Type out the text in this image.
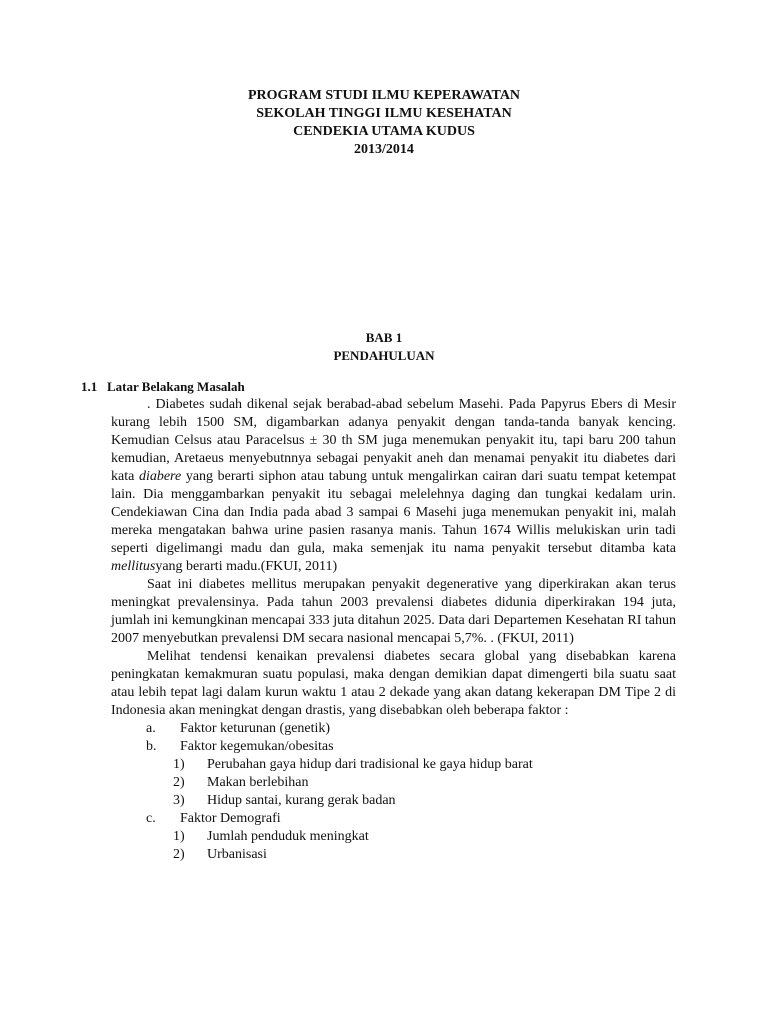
PROGRAM STUDI ILMU KEPERAWATAN
SEKOLAH TINGGI ILMU KESEHATAN
CENDEKIA UTAMA KUDUS
2013/2014
BAB 1
PENDAHULUAN
1.1 Latar Belakang Masalah

. Diabetes sudah dikenal sejak berabad-abad sebelum Masehi. Pada Papyrus Ebers di Mesir kurang lebih 1500 SM, digambarkan adanya penyakit dengan tanda-tanda banyak kencing. Kemudian Celsus atau Paracelsus ± 30 th SM juga menemukan penyakit itu, tapi baru 200 tahun kemudian, Aretaeus menyebutnnya sebagai penyakit aneh dan menamai penyakit itu diabetes dari kata diabere yang berarti siphon atau tabung untuk mengalirkan cairan dari suatu tempat ketempat lain. Dia menggambarkan penyakit itu sebagai melelehnya daging dan tungkai kedalam urin. Cendekiawan Cina dan India pada abad 3 sampai 6 Masehi juga menemukan penyakit ini, malah mereka mengatakan bahwa urine pasien rasanya manis. Tahun 1674 Willis melukiskan urin tadi seperti digelimangi madu dan gula, maka semenjak itu nama penyakit tersebut ditamba kata mellitusyang berarti madu.(FKUI, 2011)

Saat ini diabetes mellitus merupakan penyakit degenerative yang diperkirakan akan terus meningkat prevalensinya. Pada tahun 2003 prevalensi diabetes didunia diperkirakan 194 juta, jumlah ini kemungkinan mencapai 333 juta ditahun 2025. Data dari Departemen Kesehatan RI tahun 2007 menyebutkan prevalensi DM secara nasional mencapai 5,7%. . (FKUI, 2011)

Melihat tendensi kenaikan prevalensi diabetes secara global yang disebabkan karena peningkatan kemakmuran suatu populasi, maka dengan demikian dapat dimengerti bila suatu saat atau lebih tepat lagi dalam kurun waktu 1 atau 2 dekade yang akan datang kekerapan DM Tipe 2 di Indonesia akan meningkat dengan drastis, yang disebabkan oleh beberapa faktor :

a. Faktor keturunan (genetik)
b. Faktor kegemukan/obesitas
1) Perubahan gaya hidup dari tradisional ke gaya hidup barat
2) Makan berlebihan
3) Hidup santai, kurang gerak badan
c. Faktor Demografi
1) Jumlah penduduk meningkat
2) Urbanisasi
